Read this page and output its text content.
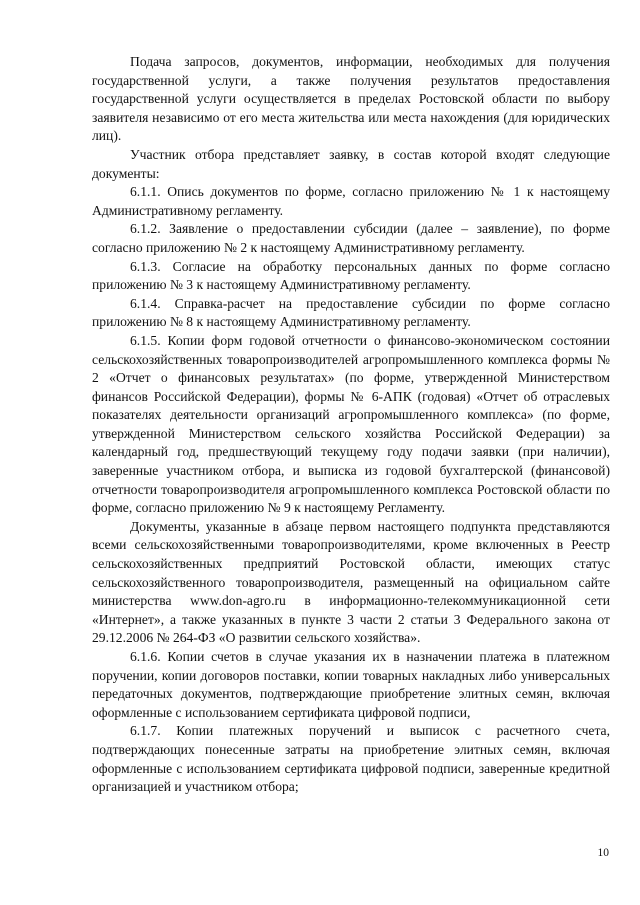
Подача запросов, документов, информации, необходимых для получения государственной услуги, а также получения результатов предоставления государственной услуги осуществляется в пределах Ростовской области по выбору заявителя независимо от его места жительства или места нахождения (для юридических лиц).

Участник отбора представляет заявку, в состав которой входят следующие документы:

6.1.1. Опись документов по форме, согласно приложению № 1 к настоящему Административному регламенту.

6.1.2. Заявление о предоставлении субсидии (далее – заявление), по форме согласно приложению № 2 к настоящему Административному регламенту.

6.1.3. Согласие на обработку персональных данных по форме согласно приложению № 3 к настоящему Административному регламенту.

6.1.4. Справка-расчет на предоставление субсидии по форме согласно приложению № 8 к настоящему Административному регламенту.

6.1.5. Копии форм годовой отчетности о финансово-экономическом состоянии сельскохозяйственных товаропроизводителей агропромышленного комплекса формы № 2 «Отчет о финансовых результатах» (по форме, утвержденной Министерством финансов Российской Федерации), формы № 6-АПК (годовая) «Отчет об отраслевых показателях деятельности организаций агропромышленного комплекса» (по форме, утвержденной Министерством сельского хозяйства Российской Федерации) за календарный год, предшествующий текущему году подачи заявки (при наличии), заверенные участником отбора, и выписка из годовой бухгалтерской (финансовой) отчетности товаропроизводителя агропромышленного комплекса Ростовской области по форме, согласно приложению № 9 к настоящему Регламенту.

Документы, указанные в абзаце первом настоящего подпункта представляются всеми сельскохозяйственными товаропроизводителями, кроме включенных в Реестр сельскохозяйственных предприятий Ростовской области, имеющих статус сельскохозяйственного товаропроизводителя, размещенный на официальном сайте министерства www.don-agro.ru в информационно-телекоммуникационной сети «Интернет», а также указанных в пункте 3 части 2 статьи 3 Федерального закона от 29.12.2006 № 264-ФЗ «О развитии сельского хозяйства».

6.1.6. Копии счетов в случае указания их в назначении платежа в платежном поручении, копии договоров поставки, копии товарных накладных либо универсальных передаточных документов, подтверждающие приобретение элитных семян, включая оформленные с использованием сертификата цифровой подписи,

6.1.7. Копии платежных поручений и выписок с расчетного счета, подтверждающих понесенные затраты на приобретение элитных семян, включая оформленные с использованием сертификата цифровой подписи, заверенные кредитной организацией и участником отбора;

10
